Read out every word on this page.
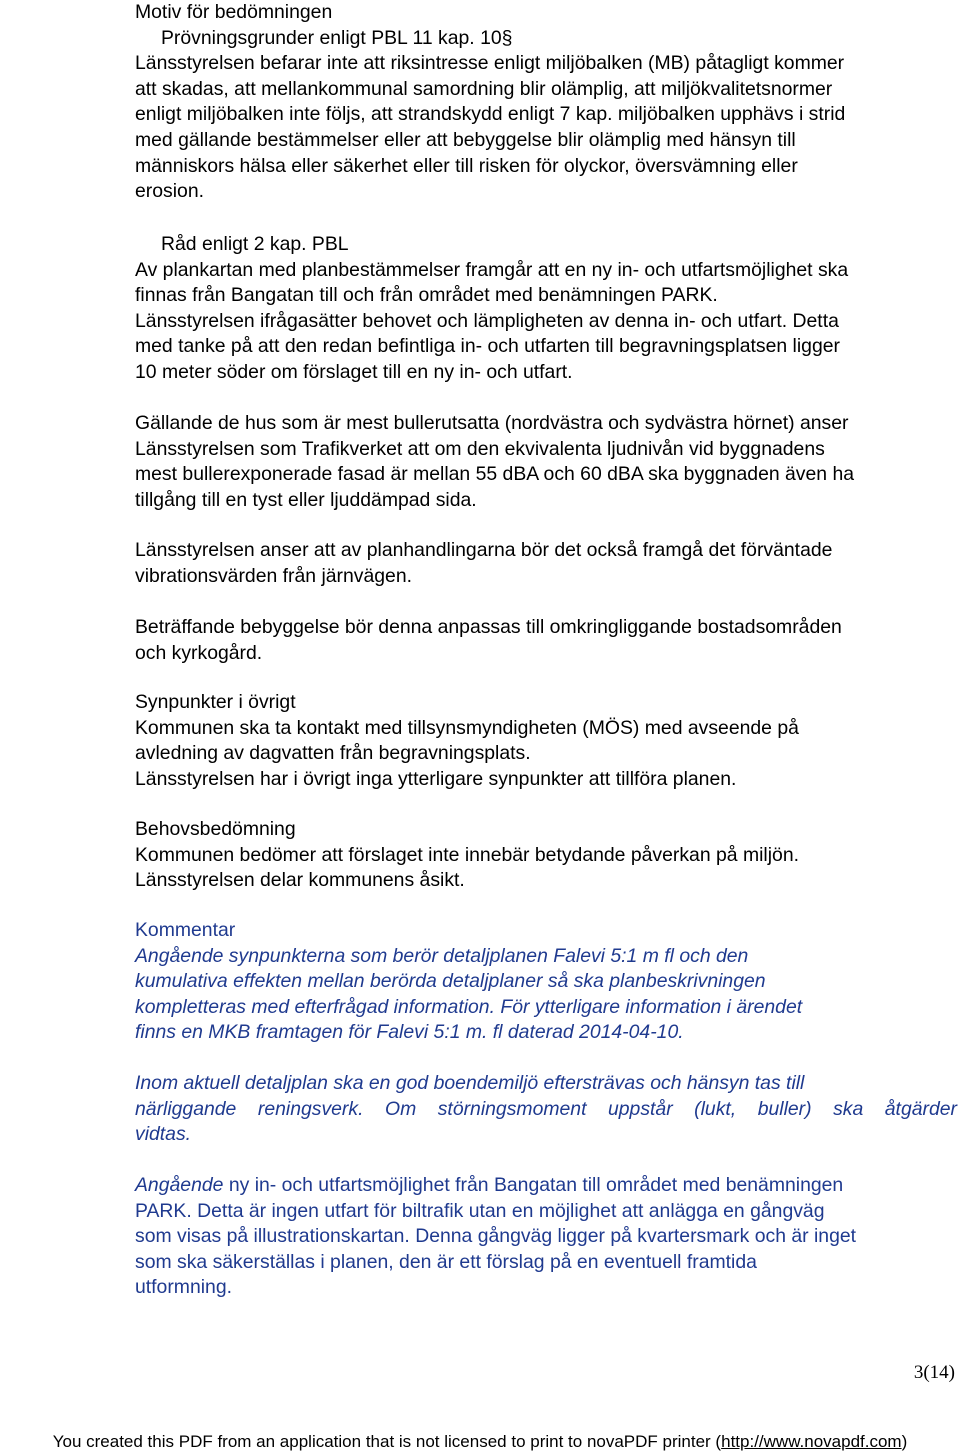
Motiv för bedömningen
Prövningsgrunder enligt PBL 11 kap. 10§
Länsstyrelsen befarar inte att riksintresse enligt miljöbalken (MB) påtagligt kommer
att skadas, att mellankommunal samordning blir olämplig, att miljökvalitetsnormer
enligt miljöbalken inte följs, att strandskydd enligt 7 kap. miljöbalken upphävs i strid
med gällande bestämmelser eller att bebyggelse blir olämplig med hänsyn till
människors hälsa eller säkerhet eller till risken för olyckor, översvämning eller
erosion.
Råd enligt 2 kap. PBL
Av plankartan med planbestämmelser framgår att en ny in- och utfartsmöjlighet ska
finnas från Bangatan till och från området med benämningen PARK.
Länsstyrelsen ifrågasätter behovet och lämpligheten av denna in- och utfart. Detta
med tanke på att den redan befintliga in- och utfarten till begravningsplatsen ligger
10 meter söder om förslaget till en ny in- och utfart.
Gällande de hus som är mest bullerutsatta (nordvästra och sydvästra hörnet) anser
Länsstyrelsen som Trafikverket att om den ekvivalenta ljudnivån vid byggnadens
mest bullerexponerade fasad är mellan 55 dBA och 60 dBA ska byggnaden även ha
tillgång till en tyst eller ljuddämpad sida.
Länsstyrelsen anser att av planhandlingarna bör det också framgå det förväntade
vibrationsvärden från järnvägen.
Beträffande bebyggelse bör denna anpassas till omkringliggande bostadsområden
och kyrkogård.
Synpunkter i övrigt
Kommunen ska ta kontakt med tillsynsmyndigheten (MÖS) med avseende på
avledning av dagvatten från begravningsplats.
Länsstyrelsen har i övrigt inga ytterligare synpunkter att tillföra planen.
Behovsbedömning
Kommunen bedömer att förslaget inte innebär betydande påverkan på miljön.
Länsstyrelsen delar kommunens åsikt.
Kommentar
Angående synpunkterna som berör detaljplanen Falevi 5:1 m fl och den
kumulativa effekten mellan berörda detaljplaner så ska planbeskrivningen
kompletteras med efterfrågad information. För ytterligare information i ärendet
finns en MKB framtagen för Falevi 5:1 m. fl daterad 2014-04-10.
Inom aktuell detaljplan ska en god boendemiljö eftersträvas och hänsyn tas till
närliggande reningsverk. Om störningsmoment uppstår (lukt, buller) ska åtgärder
vidtas.
Angående ny in- och utfartsmöjlighet från Bangatan till området med benämningen
PARK. Detta är ingen utfart för biltrafik utan en möjlighet att anlägga en gångväg
som visas på illustrationskartan. Denna gångväg ligger på kvartersmark och är inget
som ska säkerställas i planen, den är ett förslag på en eventuell framtida
utformning.
3(14)
You created this PDF from an application that is not licensed to print to novaPDF printer (http://www.novapdf.com)
